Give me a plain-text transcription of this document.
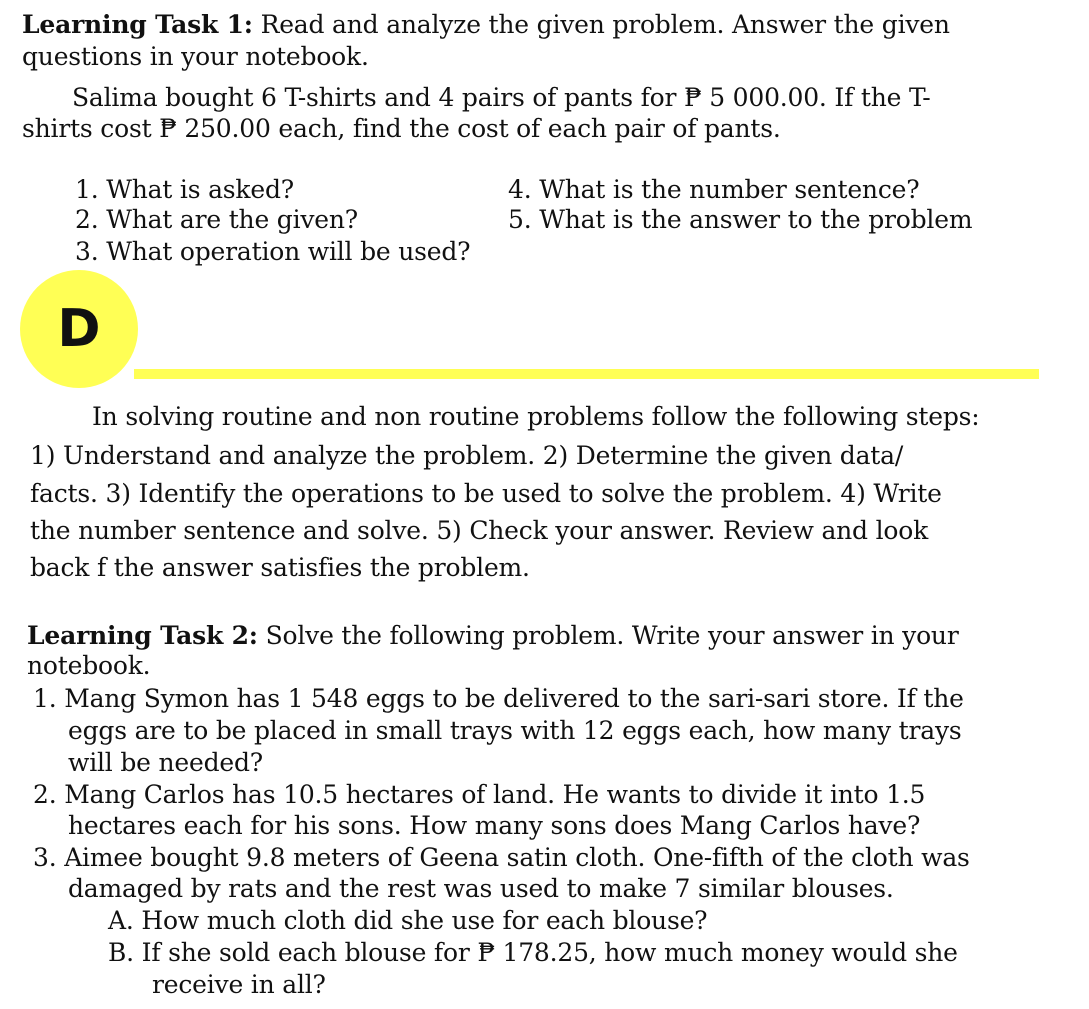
Learning Task 1: Read and analyze the given problem. Answer the given
questions in your notebook.
Salima bought 6 T-shirts and 4 pairs of pants for ₱ 5 000.00. If the T-
shirts cost ₱ 250.00 each, find the cost of each pair of pants.
1. What is asked?
2. What are the given?
3. What operation will be used?
4. What is the number sentence?
5. What is the answer to the problem
D
In solving routine and non routine problems follow the following steps:
1) Understand and analyze the problem. 2) Determine the given data/
facts. 3) Identify the operations to be used to solve the problem. 4) Write
the number sentence and solve. 5) Check your answer. Review and look
back f the answer satisfies the problem.
Learning Task 2: Solve the following problem. Write your answer in your
notebook.
1. Mang Symon has 1 548 eggs to be delivered to the sari-sari store. If the
eggs are to be placed in small trays with 12 eggs each, how many trays
will be needed?
2. Mang Carlos has 10.5 hectares of land. He wants to divide it into 1.5
hectares each for his sons. How many sons does Mang Carlos have?
3. Aimee bought 9.8 meters of Geena satin cloth. One-fifth of the cloth was
damaged by rats and the rest was used to make 7 similar blouses.
A. How much cloth did she use for each blouse?
B. If she sold each blouse for ₱ 178.25, how much money would she
receive in all?
